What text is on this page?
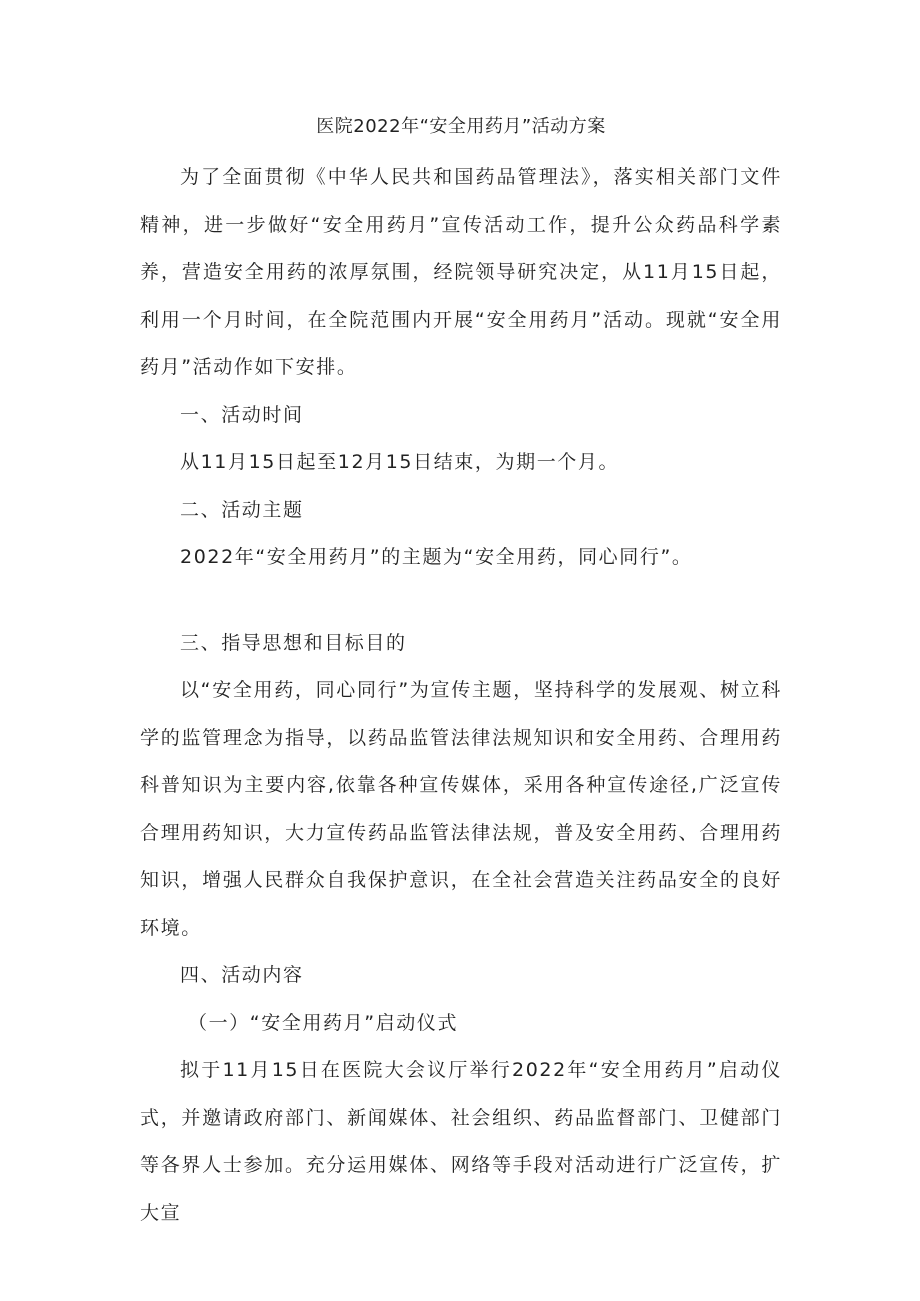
医院2022年“安全用药月”活动方案

为了全面贯彻《中华人民共和国药品管理法》，落实相关部门文件精神，进一步做好“安全用药月”宣传活动工作，提升公众药品科学素养，营造安全用药的浓厚氛围，经院领导研究决定，从11月15日起，利用一个月时间，在全院范围内开展“安全用药月”活动。现就“安全用药月”活动作如下安排。

一、活动时间

从11月15日起至12月15日结束，为期一个月。

二、活动主题

2022年“安全用药月”的主题为“安全用药，同心同行”。

三、指导思想和目标目的

以“安全用药，同心同行”为宣传主题，坚持科学的发展观、树立科学的监管理念为指导，以药品监管法律法规知识和安全用药、合理用药科普知识为主要内容,依靠各种宣传媒体，采用各种宣传途径,广泛宣传合理用药知识，大力宣传药品监管法律法规，普及安全用药、合理用药知识，增强人民群众自我保护意识，在全社会营造关注药品安全的良好环境。

四、活动内容

（一）“安全用药月”启动仪式

拟于11月15日在医院大会议厅举行2022年“安全用药月”启动仪式，并邀请政府部门、新闻媒体、社会组织、药品监督部门、卫健部门等各界人士参加。充分运用媒体、网络等手段对活动进行广泛宣传，扩大宣
